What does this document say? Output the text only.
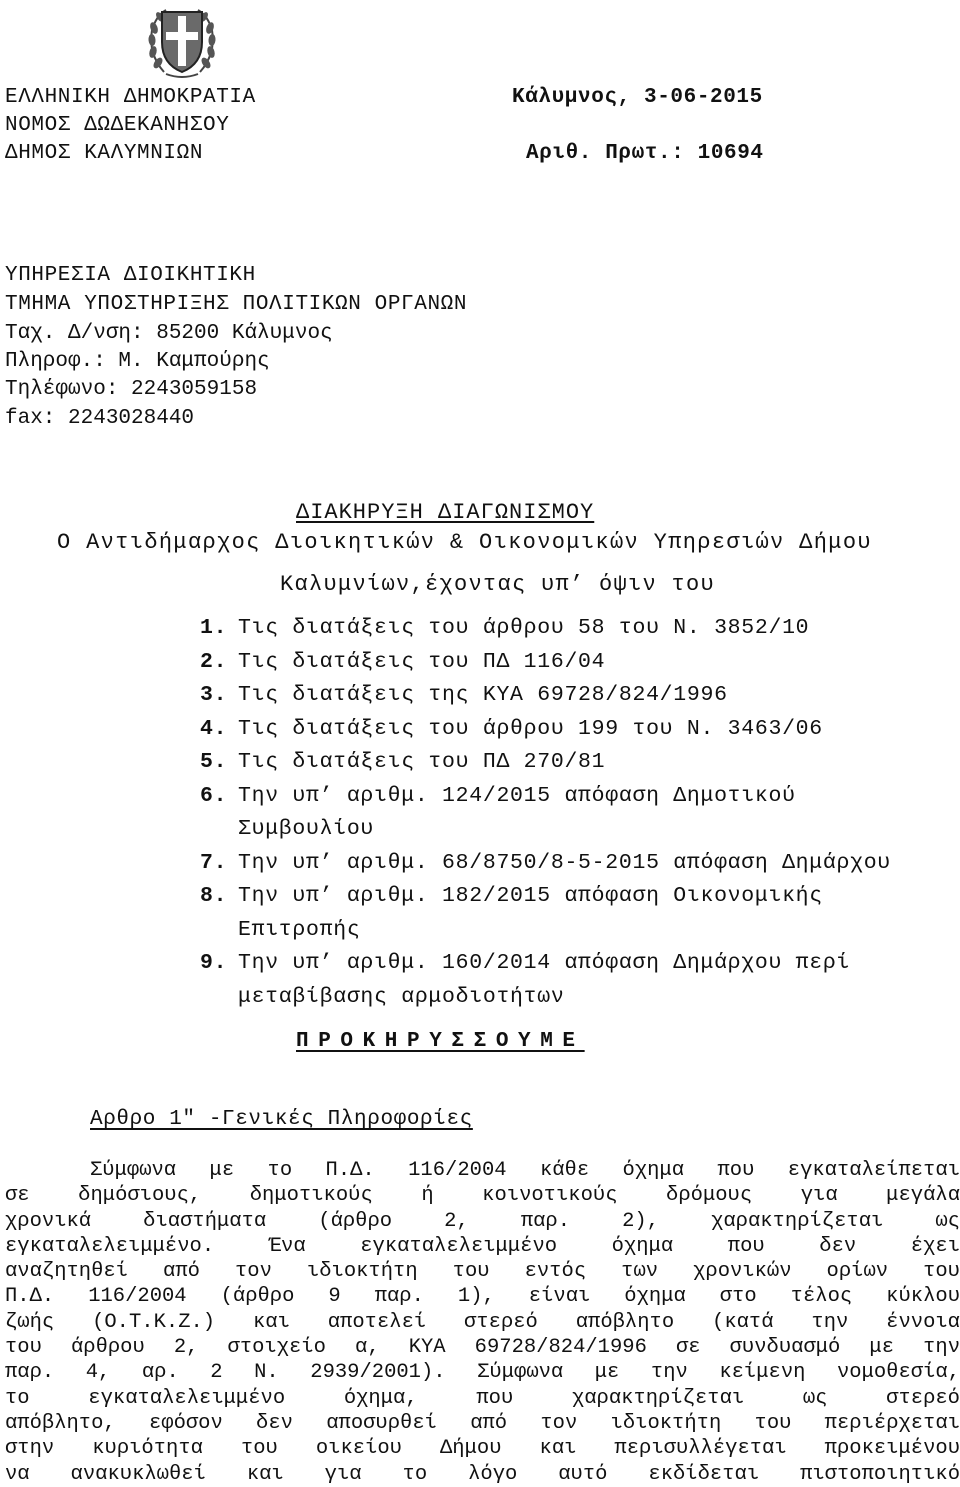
ΕΛΛΗΝΙΚΗ ΔΗΜΟΚΡΑΤΙΑ
ΝΟΜΟΣ ΔΩΔΕΚΑΝΗΣΟΥ
ΔΗΜΟΣ ΚΑΛΥΜΝΙΩΝ
Κάλυμνος, 3-06-2015
Αριθ. Πρωτ.: 10694
ΥΠΗΡΕΣΙΑ ΔΙΟΙΚΗΤΙΚΗ
ΤΜΗΜΑ ΥΠΟΣΤΗΡΙΞΗΣ ΠΟΛΙΤΙΚΩΝ ΟΡΓΑΝΩΝ
Ταχ. Δ/νση: 85200 Κάλυμνος
Πληροφ.: Μ. Καμπούρης
Τηλέφωνο: 2243059158
fax: 2243028440
ΔΙΑΚΗΡΥΞΗ ΔΙΑΓΩΝΙΣΜΟΥ
Ο Αντιδήμαρχος Διοικητικών & Οικονομικών Υπηρεσιών Δήμου
Καλυμνίων,έχοντας υπ’ όψιν του
1. Τις διατάξεις του άρθρου 58 του Ν. 3852/10
2. Τις διατάξεις του ΠΔ 116/04
3. Τις διατάξεις της ΚΥΑ 69728/824/1996
4. Τις διατάξεις του άρθρου 199 του Ν. 3463/06
5. Τις διατάξεις του ΠΔ 270/81
6. Την υπ’ αριθμ. 124/2015 απόφαση Δημοτικού Συμβουλίου
7. Την υπ’ αριθμ. 68/8750/8-5-2015 απόφαση Δημάρχου
8. Την υπ’ αριθμ. 182/2015 απόφαση Οικονομικής Επιτροπής
9. Την υπ’ αριθμ. 160/2014 απόφαση Δημάρχου περί μεταβίβασης αρμοδιοτήτων
ΠΡΟΚΗΡΥΣΣΟΥΜΕ
Αρθρο 1" -Γενικές Πληροφορίες
Σύμφωνα με το Π.Δ. 116/2004 κάθε όχημα που εγκαταλείπεται
σε δημόσιους, δημοτικούς ή κοινοτικούς δρόμους για μεγάλα
χρονικά διαστήματα (άρθρο 2, παρ. 2), χαρακτηρίζεται ως
εγκαταλελειμμένο. Ένα εγκαταλελειμμένο όχημα που δεν έχει
αναζητηθεί από τον ιδιοκτήτη του εντός των χρονικών ορίων του
Π.Δ. 116/2004 (άρθρο 9 παρ. 1), είναι όχημα στο τέλος κύκλου
ζωής (Ο.Τ.Κ.Ζ.) και αποτελεί στερεό απόβλητο (κατά την έννοια
του άρθρου 2, στοιχείο α, ΚΥΑ 69728/824/1996 σε συνδυασμό με την
παρ. 4, αρ. 2 Ν. 2939/2001). Σύμφωνα με την κείμενη νομοθεσία,
το εγκαταλελειμμένο όχημα, που χαρακτηρίζεται ως στερεό
απόβλητο, εφόσον δεν αποσυρθεί από τον ιδιοκτήτη του περιέρχεται
στην κυριότητα του οικείου Δήμου και περισυλλέγεται προκειμένου
να ανακυκλωθεί και για το λόγο αυτό εκδίδεται πιστοποιητικό
